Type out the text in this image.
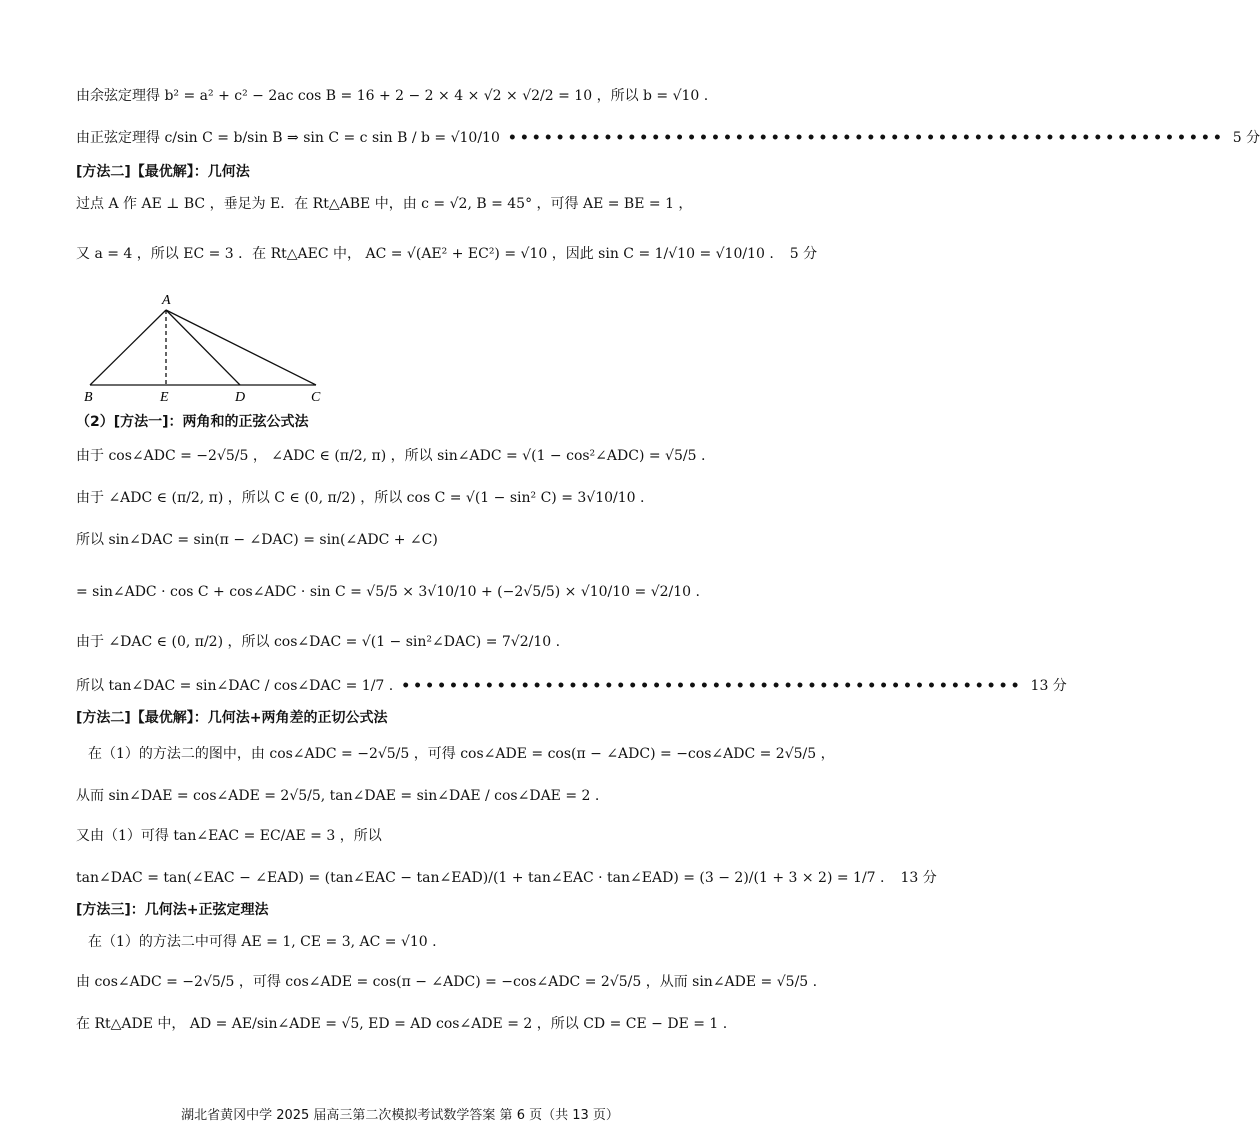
由余弦定理得 b² = a² + c² − 2ac cos B = 16 + 2 − 2 × 4 × √2 × √2/2 = 10 ，所以 b = √10 .
由正弦定理得 c/sin C = b/sin B ⇒ sin C = c sin B / b = √10/10 •••••••••••••••••••••••••••••••••••••••••••••••••••••••••••• 5 分
[方法二]【最优解】：几何法
过点 A 作 AE ⊥ BC ，垂足为 E．在 Rt△ABE 中，由 c = √2, B = 45° ，可得 AE = BE = 1 ，
又 a = 4 ，所以 EC = 3 ．在 Rt△AEC 中， AC = √(AE² + EC²) = √10 ，因此 sin C = 1/√10 = √10/10 . 5 分
A
B	E	D	C
（2）[方法一]：两角和的正弦公式法
由于 cos∠ADC = −2√5/5 ， ∠ADC ∈ (π/2, π) ，所以 sin∠ADC = √(1 − cos²∠ADC) = √5/5 .
由于 ∠ADC ∈ (π/2, π) ，所以 C ∈ (0, π/2) ，所以 cos C = √(1 − sin² C) = 3√10/10 .
所以 sin∠DAC = sin(π − ∠DAC) = sin(∠ADC + ∠C)
= sin∠ADC · cos C + cos∠ADC · sin C = √5/5 × 3√10/10 + (−2√5/5) × √10/10 = √2/10 .
由于 ∠DAC ∈ (0, π/2) ，所以 cos∠DAC = √(1 − sin²∠DAC) = 7√2/10 .
所以 tan∠DAC = sin∠DAC / cos∠DAC = 1/7 . •••••••••••••••••••••••••••••••••••••••••••••••••••• 13 分
[方法二]【最优解】：几何法+两角差的正切公式法
在（1）的方法二的图中，由 cos∠ADC = −2√5/5 ，可得 cos∠ADE = cos(π − ∠ADC) = −cos∠ADC = 2√5/5 ，
从而 sin∠DAE = cos∠ADE = 2√5/5, tan∠DAE = sin∠DAE / cos∠DAE = 2 .
又由（1）可得 tan∠EAC = EC/AE = 3 ，所以
tan∠DAC = tan(∠EAC − ∠EAD) = (tan∠EAC − tan∠EAD)/(1 + tan∠EAC · tan∠EAD) = (3 − 2)/(1 + 3 × 2) = 1/7 . 13 分
[方法三]：几何法+正弦定理法
在（1）的方法二中可得 AE = 1, CE = 3, AC = √10 .
由 cos∠ADC = −2√5/5 ，可得 cos∠ADE = cos(π − ∠ADC) = −cos∠ADC = 2√5/5 ，从而 sin∠ADE = √5/5 .
在 Rt△ADE 中， AD = AE/sin∠ADE = √5, ED = AD cos∠ADE = 2 ，所以 CD = CE − DE = 1 .
湖北省黄冈中学 2025 届高三第二次模拟考试数学答案 第 6 页（共 13 页）
